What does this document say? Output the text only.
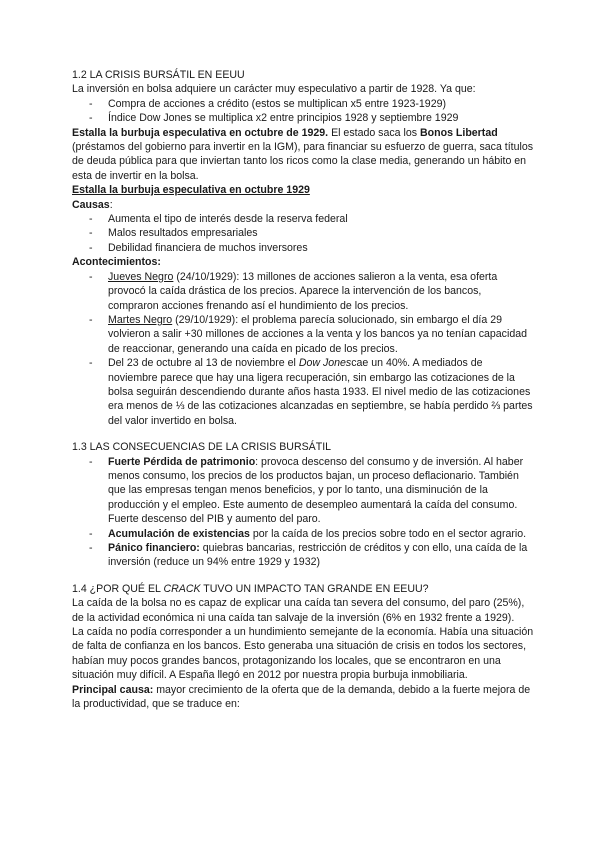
1.2 LA CRISIS BURSÁTIL EN EEUU

La inversión en bolsa adquiere un carácter muy especulativo a partir de 1928. Ya que:

- Compra de acciones a crédito (estos se multiplican x5 entre 1923-1929)
- Índice Dow Jones se multiplica x2 entre principios 1928 y septiembre 1929

Estalla la burbuja especulativa en octubre de 1929. El estado saca los Bonos Libertad (préstamos del gobierno para invertir en la IGM), para financiar su esfuerzo de guerra, saca títulos de deuda pública para que inviertan tanto los ricos como la clase media, generando un hábito en esta de invertir en la bolsa.

Estalla la burbuja especulativa en octubre 1929

Causas:

- Aumenta el tipo de interés desde la reserva federal
- Malos resultados empresariales
- Debilidad financiera de muchos inversores

Acontecimientos:

- Jueves Negro (24/10/1929): 13 millones de acciones salieron a la venta, esa oferta provocó la caída drástica de los precios. Aparece la intervención de los bancos, compraron acciones frenando así el hundimiento de los precios.
- Martes Negro (29/10/1929): el problema parecía solucionado, sin embargo el día 29 volvieron a salir +30 millones de acciones a la venta y los bancos ya no tenían capacidad de reaccionar, generando una caída en picado de los precios.
- Del 23 de octubre al 13 de noviembre el Dow Jonescae un 40%. A mediados de noviembre parece que hay una ligera recuperación, sin embargo las cotizaciones de la bolsa seguirán descendiendo durante años hasta 1933. El nivel medio de las cotizaciones era menos de ⅓ de las cotizaciones alcanzadas en septiembre, se había perdido ⅔ partes del valor invertido en bolsa.

1.3 LAS CONSECUENCIAS DE LA CRISIS BURSÁTIL

- Fuerte Pérdida de patrimonio: provoca descenso del consumo y de inversión. Al haber menos consumo, los precios de los productos bajan, un proceso deflacionario. También que las empresas tengan menos beneficios, y por lo tanto, una disminución de la producción y el empleo. Este aumento de desempleo aumentará la caída del consumo. Fuerte descenso del PIB y aumento del paro.
- Acumulación de existencias por la caída de los precios sobre todo en el sector agrario.
- Pánico financiero: quiebras bancarias, restricción de créditos y con ello, una caída de la inversión (reduce un 94% entre 1929 y 1932)

1.4 ¿POR QUÉ EL CRACK TUVO UN IMPACTO TAN GRANDE EN EEUU?

La caída de la bolsa no es capaz de explicar una caída tan severa del consumo, del paro (25%), de la actividad económica ni una caída tan salvaje de la inversión (6% en 1932 frente a 1929).

La caída no podía corresponder a un hundimiento semejante de la economía. Había una situación de falta de confianza en los bancos. Esto generaba una situación de crisis en todos los sectores, habían muy pocos grandes bancos, protagonizando los locales, que se encontraron en una situación muy difícil. A España llegó en 2012 por nuestra propia burbuja inmobiliaria.

Principal causa: mayor crecimiento de la oferta que de la demanda, debido a la fuerte mejora de la productividad, que se traduce en:
